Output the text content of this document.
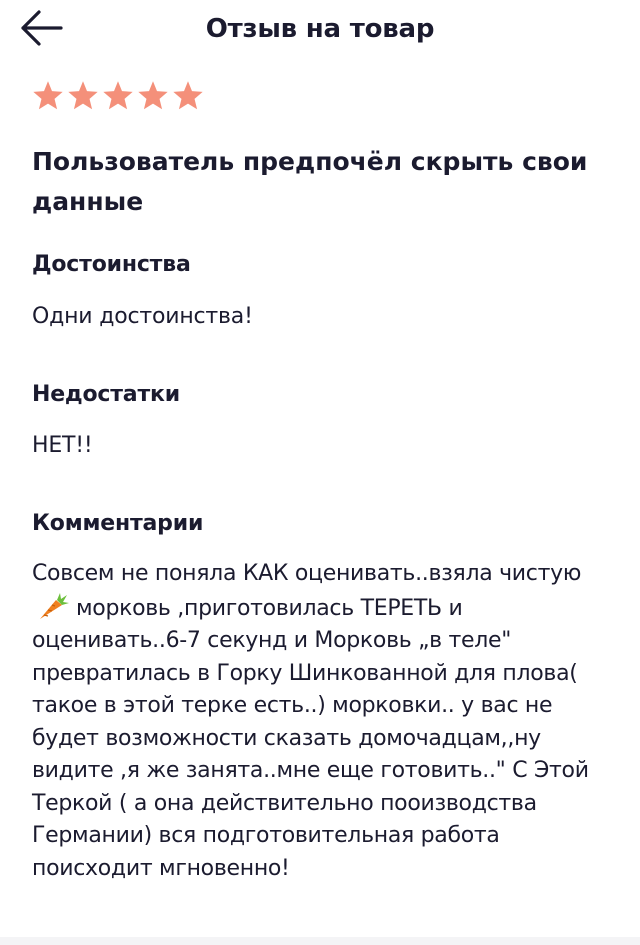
Отзыв на товар
Пользователь предпочёл скрыть свои данные
Достоинства
Одни достоинства!
Недостатки
НЕТ!!
Комментарии
Совсем не поняла КАК оценивать..взяла чистуюморковь ,приготовилась ТЕРЕТЬ и оценивать..6-7 секунд и Морковь „в теле" превратилась в Горку Шинкованной для плова( такое в этой терке есть..) морковки.. у вас не будет возможности сказать домочадцам,,ну видите ,я же занята..мне еще готовить.." С Этой Теркой ( а она действительно пооизводства Германии) вся подготовительная работа поисходит мгновенно!
